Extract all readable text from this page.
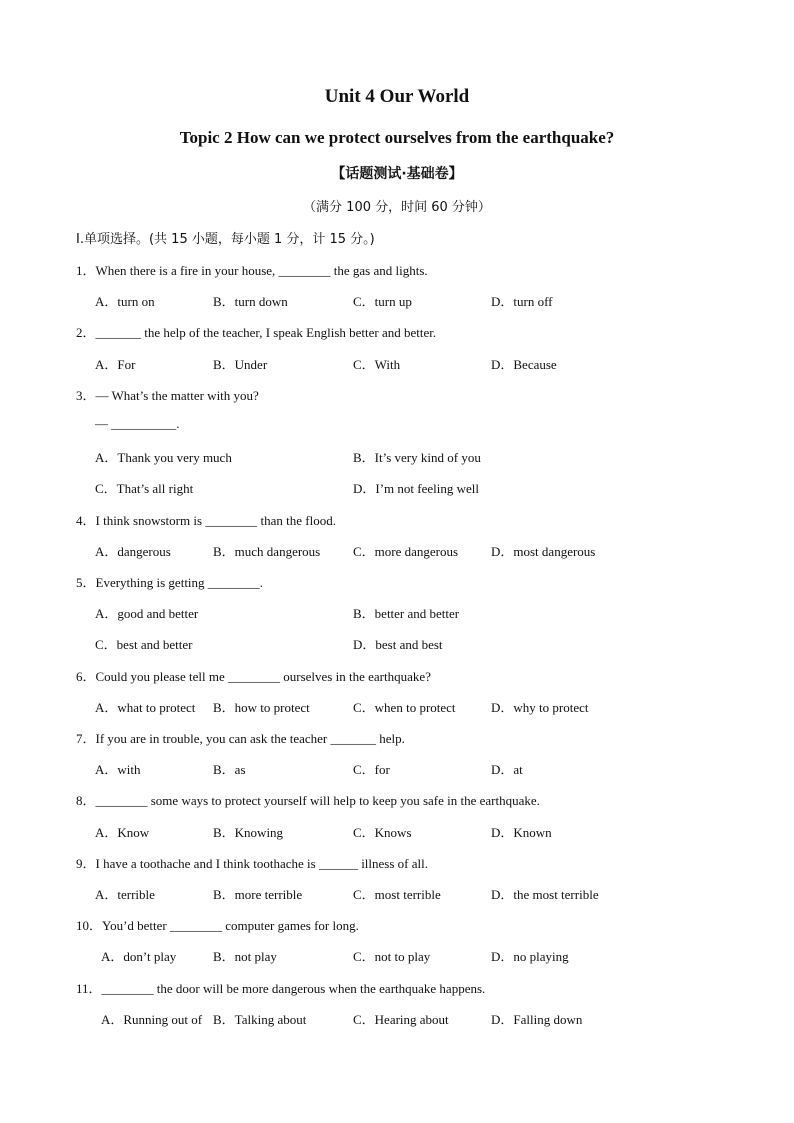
Unit 4 Our World
Topic 2 How can we protect ourselves from the earthquake?
【话题测试·基础卷】
（满分 100 分，时间 60 分钟）
I.单项选择。(共 15 小题，每小题 1 分，计 15 分。)
1．When there is a fire in your house, ________ the gas and lights.
A．turn on	B．turn down	C．turn up	D．turn off
2．_______ the help of the teacher, I speak English better and better.
A．For	B．Under	C．With	D．Because
3．— What’s the matter with you?
— __________.
A．Thank you very much	B．It’s very kind of you
C．That’s all right	D．I’m not feeling well
4．I think snowstorm is ________ than the flood.
A．dangerous	B．much dangerous	C．more dangerous	D．most dangerous
5．Everything is getting ________.
A．good and better	B．better and better
C．best and better	D．best and best
6．Could you please tell me ________ ourselves in the earthquake?
A．what to protect B．how to protect	C．when to protect	D．why to protect
7．If you are in trouble, you can ask the teacher _______ help.
A．with	B．as	C．for	D．at
8．________ some ways to protect yourself will help to keep you safe in the earthquake.
A．Know	B．Knowing	C．Knows	D．Known
9．I have a toothache and I think toothache is ______ illness of all.
A．terrible	B．more terrible	C．most terrible	D．the most terrible
10．You’d better ________ computer games for long.
A．don’t play	B．not play	C．not to play	D．no playing
11．________ the door will be more dangerous when the earthquake happens.
A．Running out of B．Talking about	C．Hearing about	D．Falling down
